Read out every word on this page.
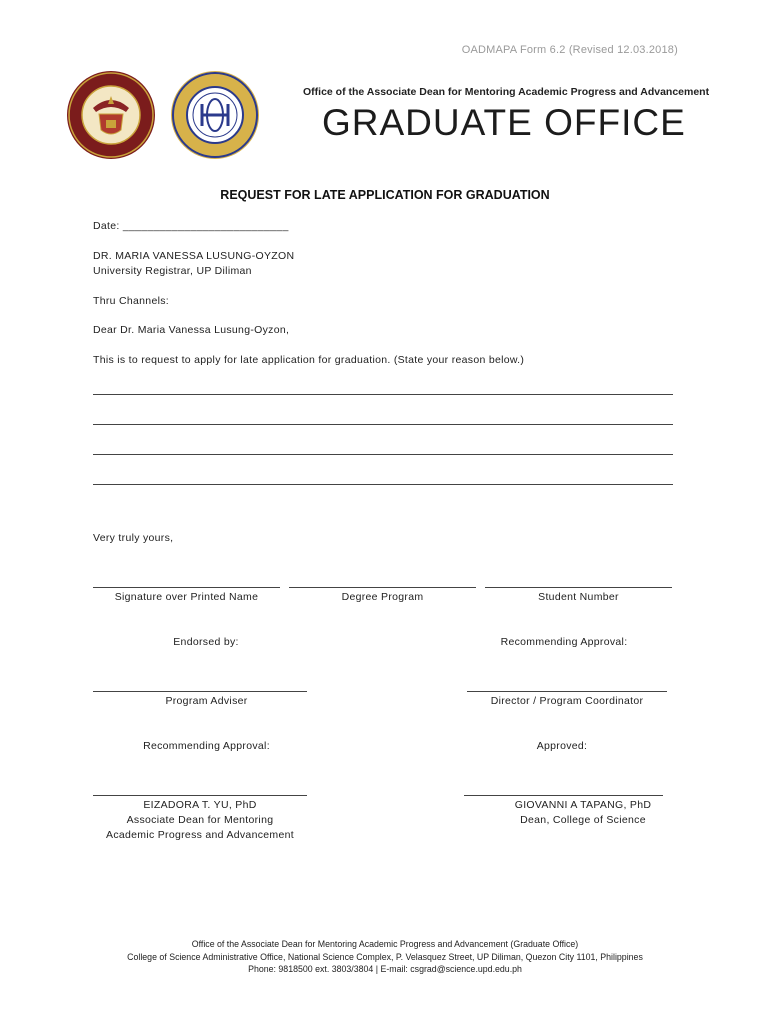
OADMAPA Form 6.2 (Revised 12.03.2018)
Office of the Associate Dean for Mentoring Academic Progress and Advancement
GRADUATE OFFICE
REQUEST FOR LATE APPLICATION FOR GRADUATION
Date: ___________________________
DR. MARIA VANESSA LUSUNG-OYZON
University Registrar, UP Diliman
Thru Channels:
Dear Dr. Maria Vanessa Lusung-Oyzon,
This is to request to apply for late application for graduation. (State your reason below.)
Very truly yours,
Signature over Printed Name	Degree Program	Student Number
Endorsed by:	Recommending Approval:
Program Adviser	Director / Program Coordinator
Recommending Approval:	Approved:
EIZADORA T. YU, PhD
Associate Dean for Mentoring
Academic Progress and Advancement
GIOVANNI A TAPANG, PhD
Dean, College of Science
Office of the Associate Dean for Mentoring Academic Progress and Advancement (Graduate Office)
College of Science Administrative Office, National Science Complex, P. Velasquez Street, UP Diliman, Quezon City 1101, Philippines
Phone: 9818500 ext. 3803/3804 | E-mail: csgrad@science.upd.edu.ph
